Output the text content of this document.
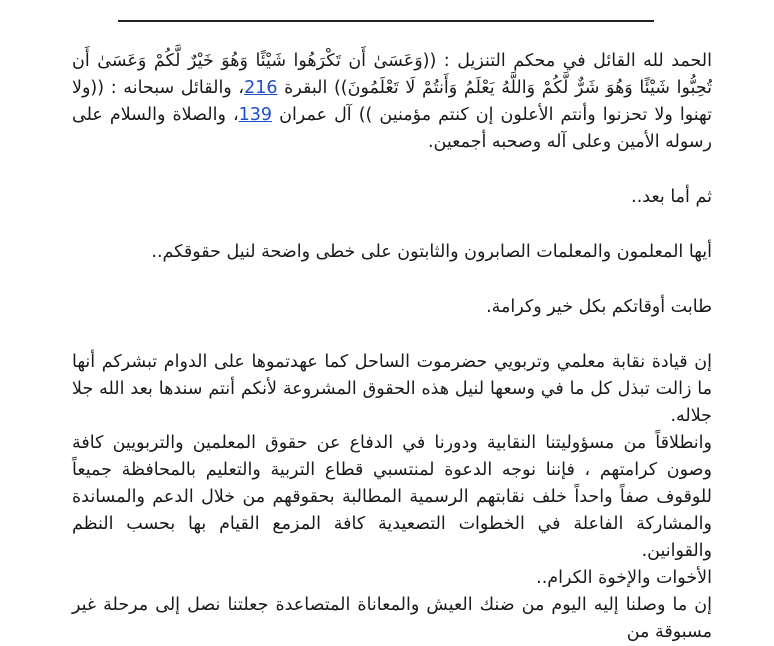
الحمد لله القائل في محكم التنزيل : ((وَعَسَىٰ أَن تَكْرَهُوا شَيْئًا وَهُوَ خَيْرٌ لَّكُمْ وَعَسَىٰ أَن تُحِبُّوا شَيْئًا وَهُوَ شَرٌّ لَّكُمْ وَاللَّهُ يَعْلَمُ وَأَنتُمْ لَا تَعْلَمُونَ)) البقرة 216، والقائل سبحانه : ((ولا تهنوا ولا تحزنوا وأنتم الأعلون إن كنتم مؤمنين )) آل عمران 139، والصلاة والسلام على رسوله الأمين وعلى آله وصحبه أجمعين.

ثم أما بعد..

أيها المعلمون والمعلمات الصابرون والثابتون على خطى واضحة لنيل حقوقكم..

طابت أوقاتكم بكل خير وكرامة.

إن قيادة نقابة معلمي وتربويي حضرموت الساحل كما عهدتموها على الدوام تبشركم أنها ما زالت تبذل كل ما في وسعها لنيل هذه الحقوق المشروعة لأنكم أنتم سندها بعد الله جلا جلاله.

وانطلاقاً من مسؤوليتنا النقابية ودورنا في الدفاع عن حقوق المعلمين والتربويين كافة وصون كرامتهم ، فإننا نوجه الدعوة لمنتسبي قطاع التربية والتعليم بالمحافظة جميعاً للوقوف صفاً واحداً خلف نقابتهم الرسمية المطالبة بحقوقهم من خلال الدعم والمساندة والمشاركة الفاعلة في الخطوات التصعيدية كافة المزمع القيام بها بحسب النظم والقوانين.

الأخوات والإخوة الكرام..

إن ما وصلنا إليه اليوم من ضنك العيش والمعاناة المتصاعدة جعلتنا نصل إلى مرحلة غير مسبوقة من
